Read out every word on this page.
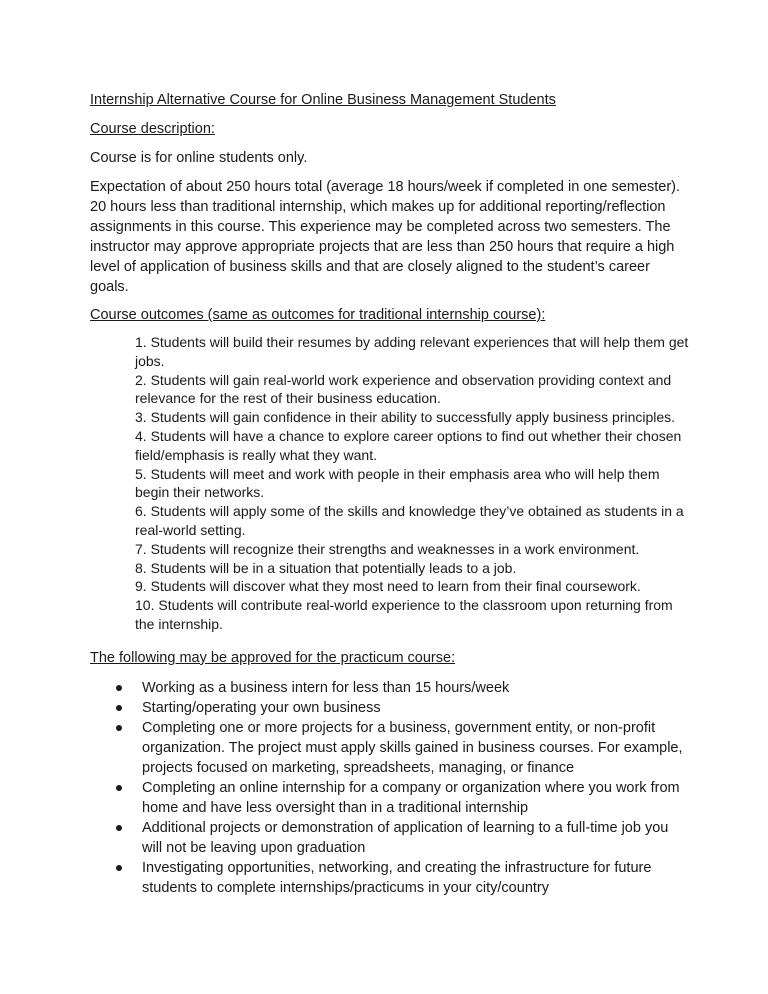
Internship Alternative Course for Online Business Management Students

Course description:

Course is for online students only.

Expectation of about 250 hours total (average 18 hours/week if completed in one semester). 20 hours less than traditional internship, which makes up for additional reporting/reflection assignments in this course. This experience may be completed across two semesters. The instructor may approve appropriate projects that are less than 250 hours that require a high level of application of business skills and that are closely aligned to the student’s career goals.

Course outcomes (same as outcomes for traditional internship course):

1. Students will build their resumes by adding relevant experiences that will help them get jobs.

2. Students will gain real-world work experience and observation providing context and relevance for the rest of their business education.

3. Students will gain confidence in their ability to successfully apply business principles.

4. Students will have a chance to explore career options to find out whether their chosen field/emphasis is really what they want.

5. Students will meet and work with people in their emphasis area who will help them begin their networks.

6. Students will apply some of the skills and knowledge they’ve obtained as students in a real-world setting.

7. Students will recognize their strengths and weaknesses in a work environment.

8. Students will be in a situation that potentially leads to a job.

9. Students will discover what they most need to learn from their final coursework.

10. Students will contribute real-world experience to the classroom upon returning from the internship.

The following may be approved for the practicum course:

Working as a business intern for less than 15 hours/week
Starting/operating your own business
Completing one or more projects for a business, government entity, or non-profit organization. The project must apply skills gained in business courses. For example, projects focused on marketing, spreadsheets, managing, or finance
Completing an online internship for a company or organization where you work from home and have less oversight than in a traditional internship
Additional projects or demonstration of application of learning to a full-time job you will not be leaving upon graduation
Investigating opportunities, networking, and creating the infrastructure for future students to complete internships/practicums in your city/country
